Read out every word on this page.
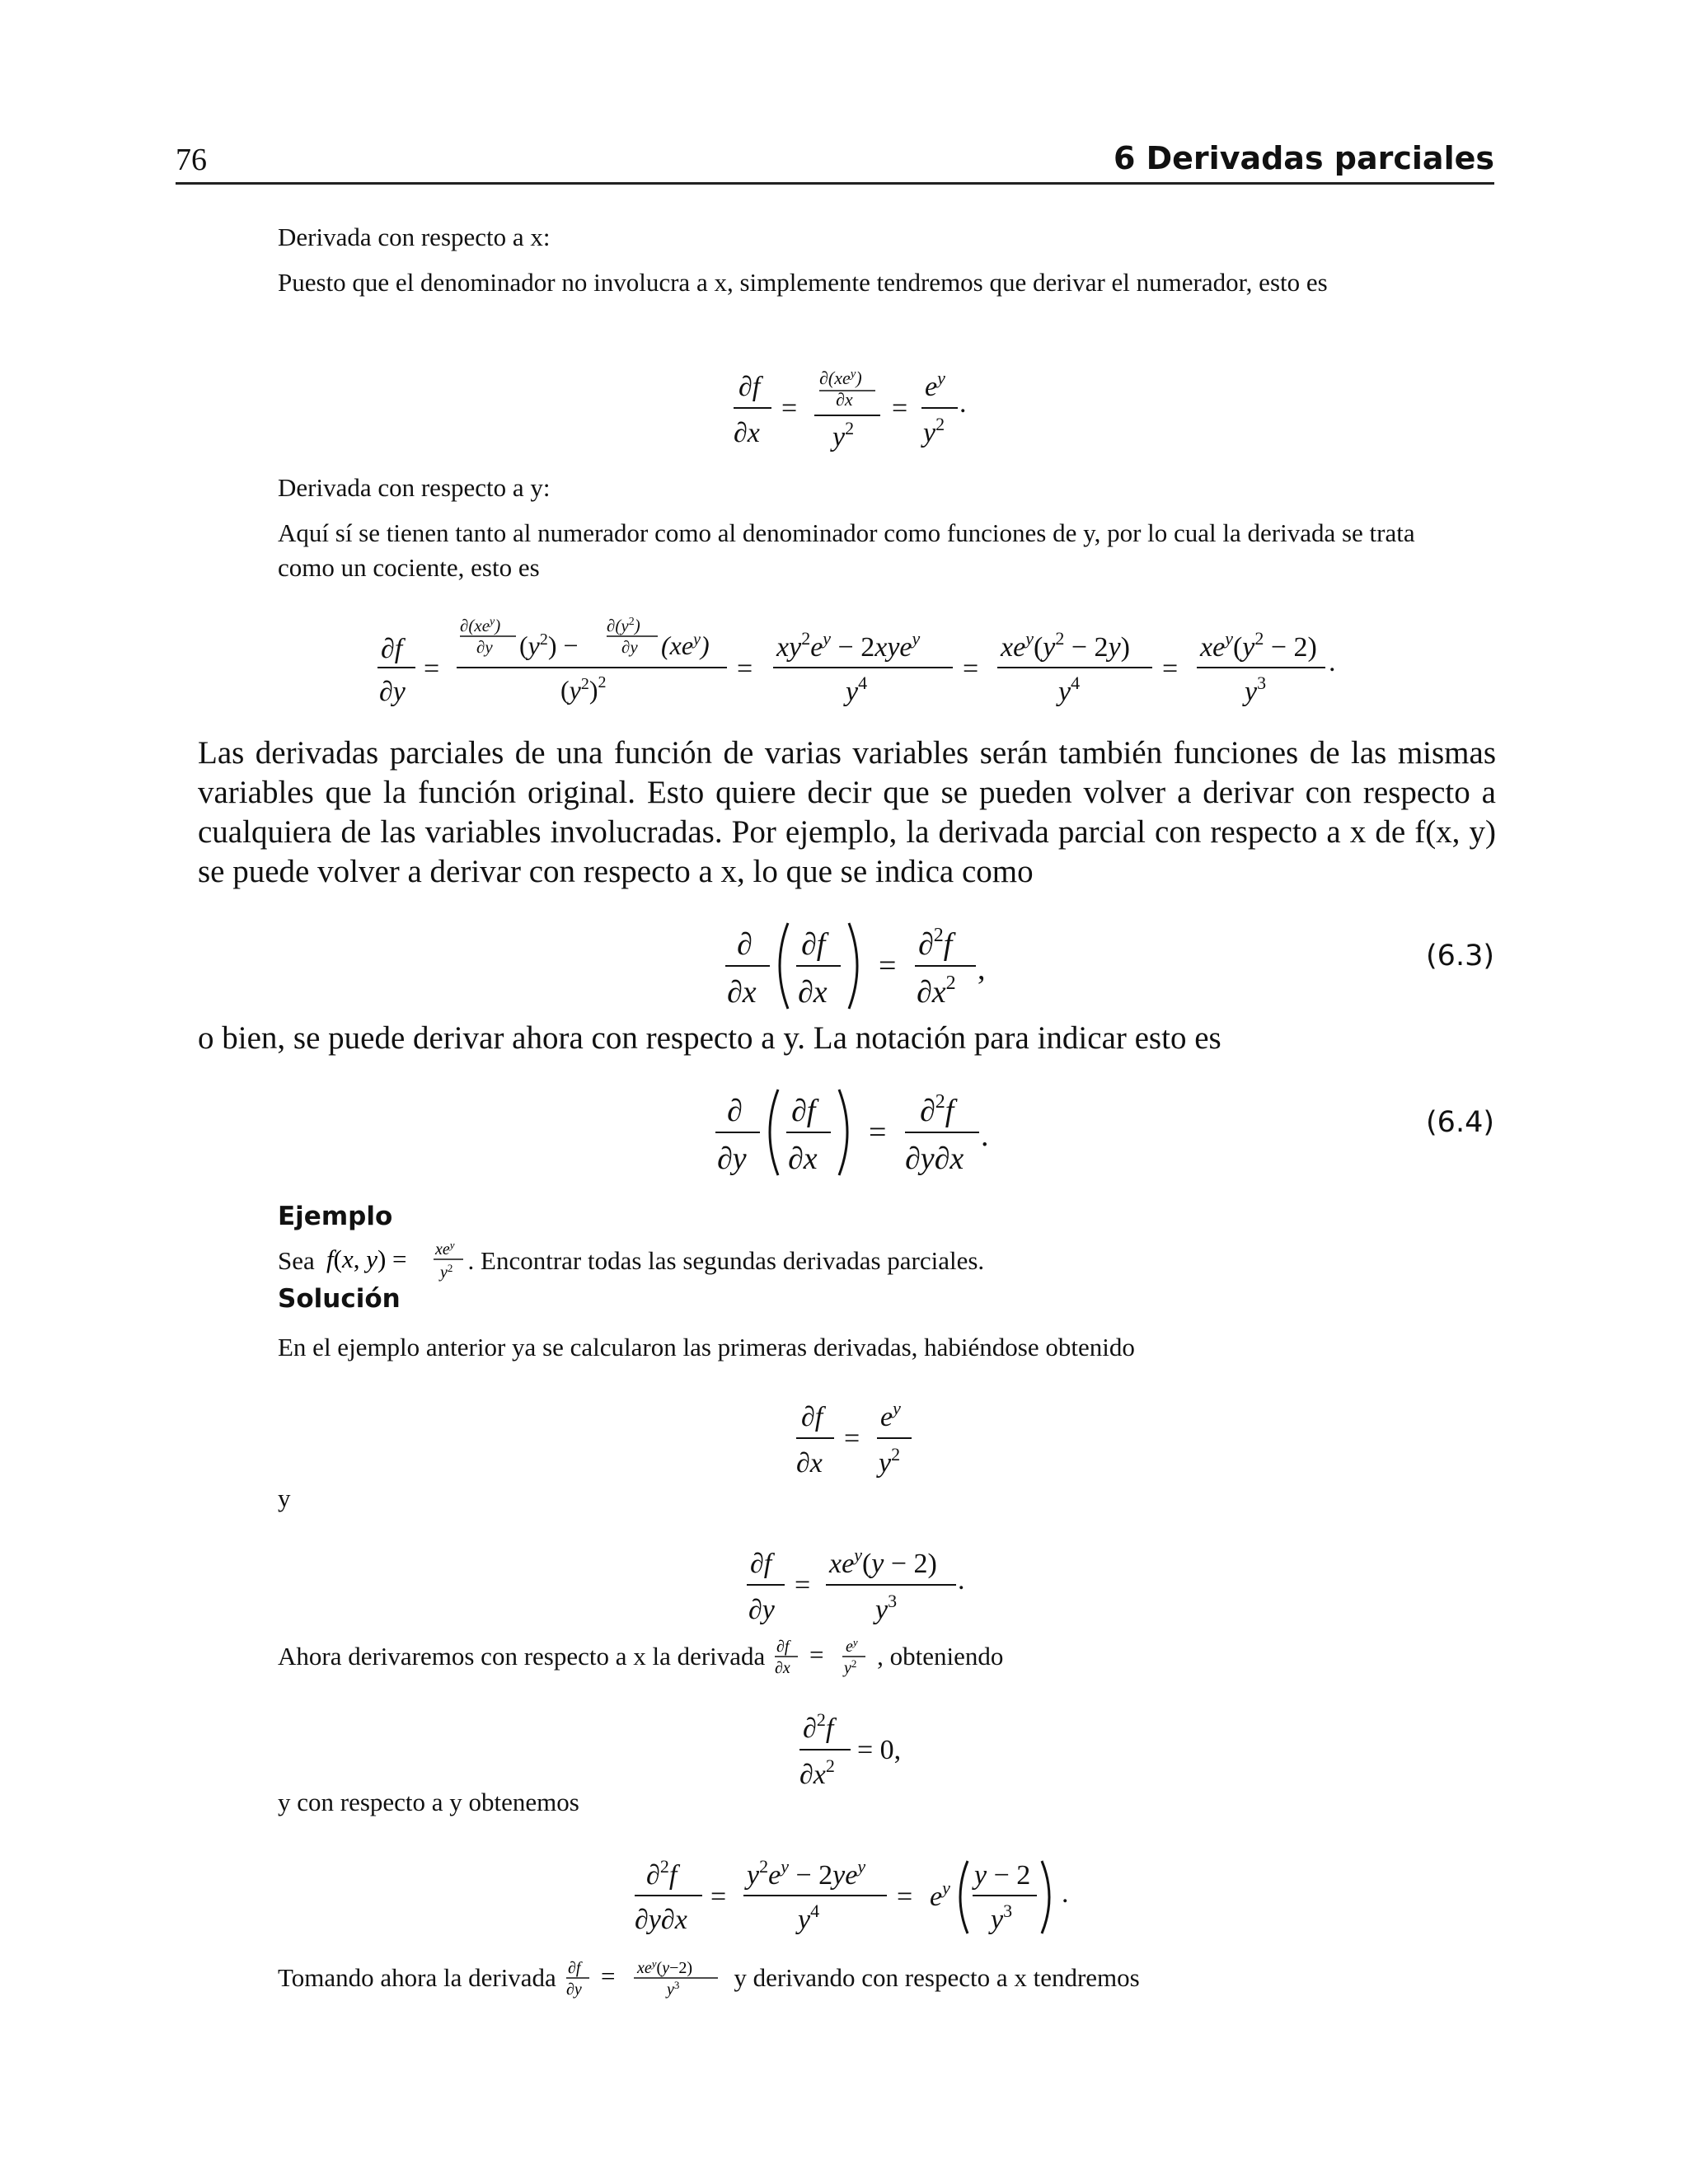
76	6 Derivadas parciales
Derivada con respecto a x:
Puesto que el denominador no involucra a x, simplemente tendremos que derivar el numerador, esto es
∂f
∂x
=
$\partial(xe^y)$
∂x
$y^2$
=
$e^y$
$y^2$
.
Derivada con respecto a y:
Aquí sí se tienen tanto al numerador como al denominador como funciones de y, por lo cual la derivada se trata como un cociente, esto es
∂f
∂y
=
$\partial(xe^y)$
∂y $(y^2)$ −
$\partial(y^2)$
∂y $(xe^y)$
$(y^2)^2$	=
$xy^2e^y - 2xye^y$
$y^4$	=
$xe^y(y^2 - 2y)$
$y^4$	=
$xe^y(y^2 - 2)$
$y^3$
.
Las derivadas parciales de una función de varias variables serán también funciones de las mismas variables que la función original. Esto quiere decir que se pueden volver a derivar con respecto a cualquiera de las variables involucradas. Por ejemplo, la derivada parcial con respecto a x de f(x, y) se puede volver a derivar con respecto a x, lo que se indica como
∂
∂x
∂f
∂x
=
∂$^2$f
$\partial x^2$ ,	(6.3)
o bien, se puede derivar ahora con respecto a y. La notación para indicar esto es
∂
∂y
∂f
∂x
=
∂$^2$f
∂y∂x
.	(6.4)
Ejemplo
Sea f(x, $y) = xe^y$
$y^2$ . Encontrar todas las segundas derivadas parciales.
Solución
En el ejemplo anterior ya se calcularon las primeras derivadas, habiéndose obtenido
∂f
∂x
=
$e^y$
$y^2$
y
∂f
∂y
=
$xe^y(y - 2)$
$y^3$
.
Ahora derivaremos con respecto a x la derivada ∂f
$\partial x = e^y$
$y^2$ , obteniendo
∂$^2$f
$\partial x^2$
= 0,
y con respecto a y obtenemos
∂$^2$f
∂y∂x
=
$y^2e^y - 2ye^y$
$y^4$	= $e^y$ y − 2
$y^3$
.
Tomando ahora la derivada ∂f
$\partial y = xe^y(y-2)$
$y^3$ y derivando con respecto a x tendremos
